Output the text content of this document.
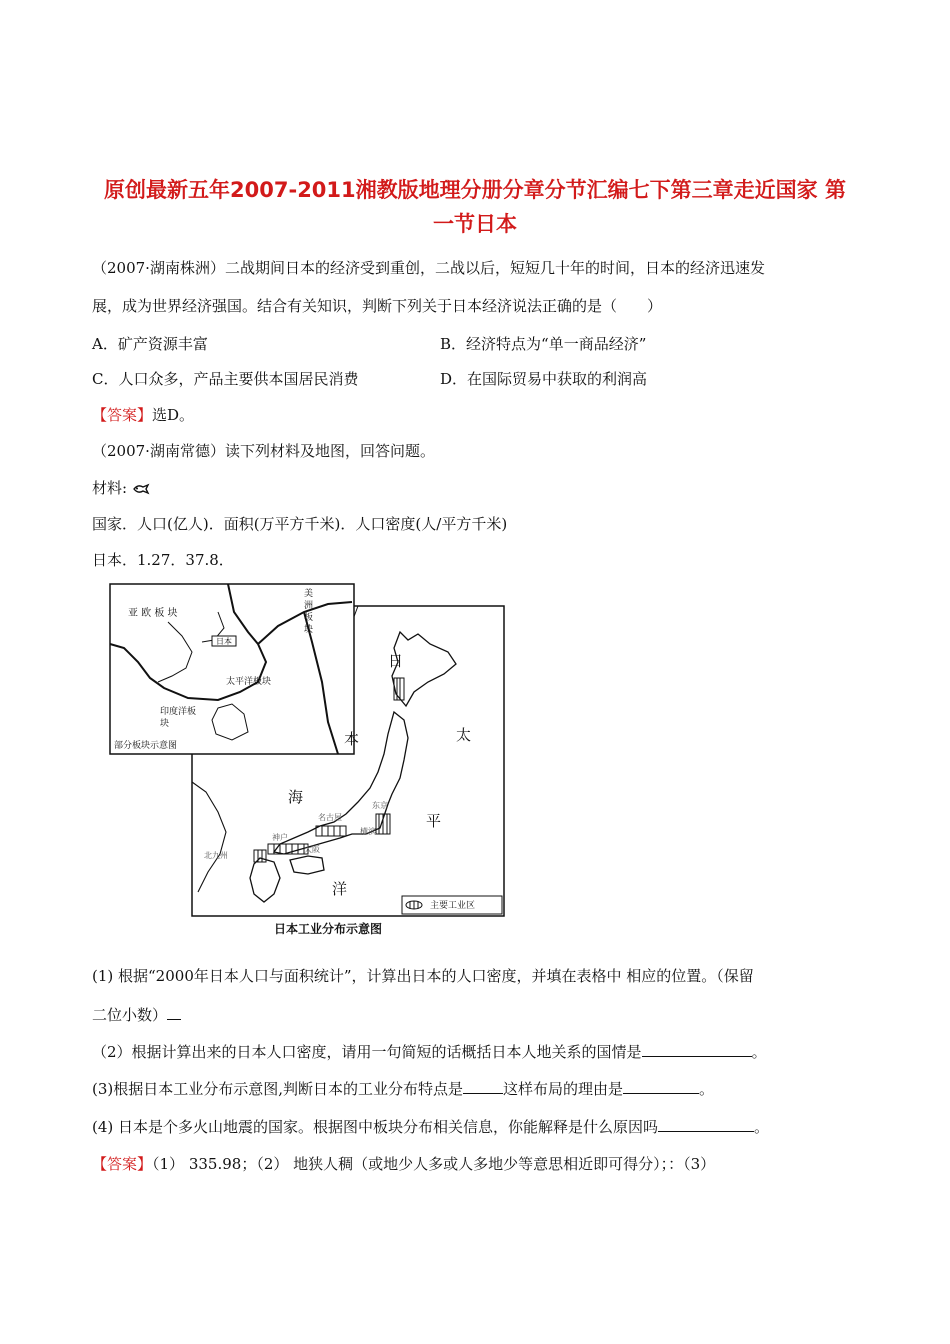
原创最新五年2007-2011湘教版地理分册分章分节汇编七下第三章走近国家 第
一节日本
（2007·湖南株洲）二战期间日本的经济受到重创，二战以后，短短几十年的时间，日本的经济迅速发
展，成为世界经济强国。结合有关知识，判断下列关于日本经济说法正确的是（　　）
A．矿产资源丰富	B．经济特点为“单一商品经济”
C．人口众多，产品主要供本国居民消费	D．在国际贸易中获取的利润高
【答案】选D。
（2007·湖南常德）读下列材料及地图，回答问题。
材料:
国家．人口(亿人)．面积(万平方千米)．人口密度(人/平方千米)
日本．1.27．37.8．
亚 欧 板 块
美 洲 板 块
日本
太平洋板块
印度洋板块
部分板块示意图
日
本
海
太
平
洋
东京
名古屋
横滨
神户
大阪
北九州
主要工业区
日本工业分布示意图
(1) 根据“2000年日本人口与面积统计”，计算出日本的人口密度，并填在表格中 相应的位置。（保留
二位小数）
（2）根据计算出来的日本人口密度，请用一句简短的话概括日本人地关系的国情是	。
(3)根据日本工业分布示意图,判断日本的工业分布特点是	这样布局的理由是	。
(4) 日本是个多火山地震的国家。根据图中板块分布相关信息，你能解释是什么原因吗	。
【答案】（1） 335.98；（2） 地狭人稠（或地少人多或人多地少等意思相近即可得分）；：（3）
